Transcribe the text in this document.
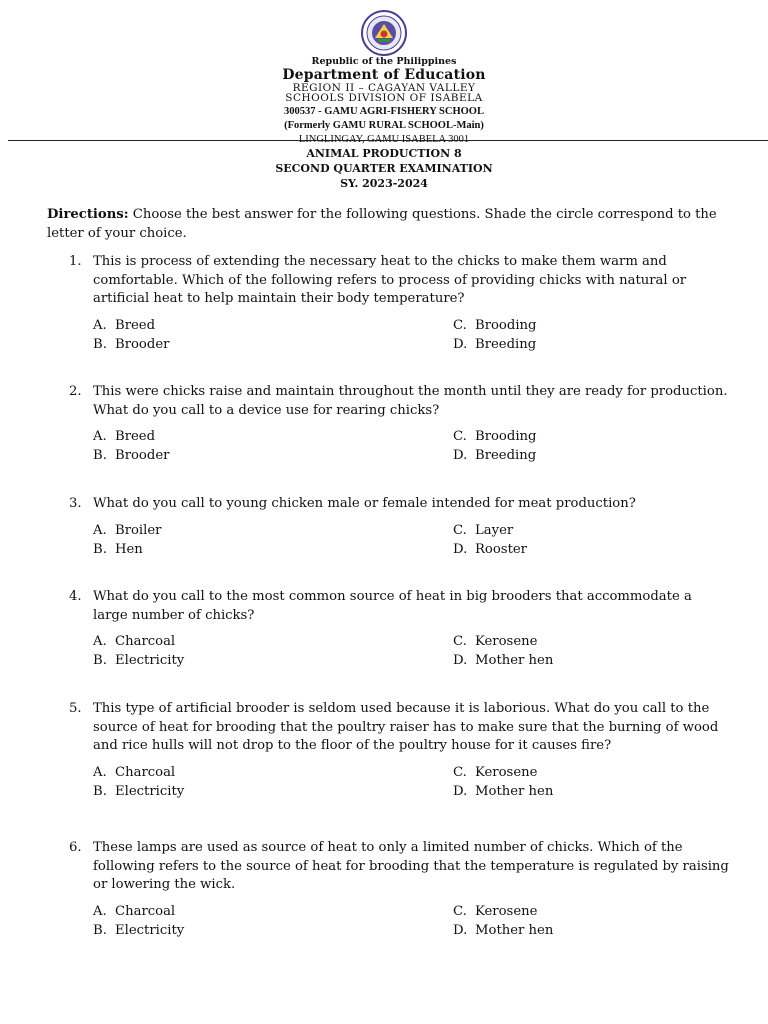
Republic of the Philippines
Department of Education
REGION II – CAGAYAN VALLEY
SCHOOLS DIVISION OF ISABELA
300537 - GAMU AGRI-FISHERY SCHOOL
(Formerly GAMU RURAL SCHOOL-Main)
LINGLINGAY, GAMU ISABELA 3001
ANIMAL PRODUCTION 8
SECOND QUARTER EXAMINATION
SY. 2023-2024
Directions: Choose the best answer for the following questions. Shade the circle correspond to the letter of your choice.
1. This is process of extending the necessary heat to the chicks to make them warm and comfortable. Which of the following refers to process of providing chicks with natural or artificial heat to help maintain their body temperature?
A. Breed
B. Brooder
C. Brooding
D. Breeding
2. This were chicks raise and maintain throughout the month until they are ready for production. What do you call to a device use for rearing chicks?
A. Breed
B. Brooder
C. Brooding
D. Breeding
3. What do you call to young chicken male or female intended for meat production?
A. Broiler
B. Hen
C. Layer
D. Rooster
4. What do you call to the most common source of heat in big brooders that accommodate a large number of chicks?
A. Charcoal
B. Electricity
C. Kerosene
D. Mother hen
5. This type of artificial brooder is seldom used because it is laborious. What do you call to the source of heat for brooding that the poultry raiser has to make sure that the burning of wood and rice hulls will not drop to the floor of the poultry house for it causes fire?
A. Charcoal
B. Electricity
C. Kerosene
D. Mother hen
6. These lamps are used as source of heat to only a limited number of chicks. Which of the following refers to the source of heat for brooding that the temperature is regulated by raising or lowering the wick.
A. Charcoal
B. Electricity
C. Kerosene
D. Mother hen
